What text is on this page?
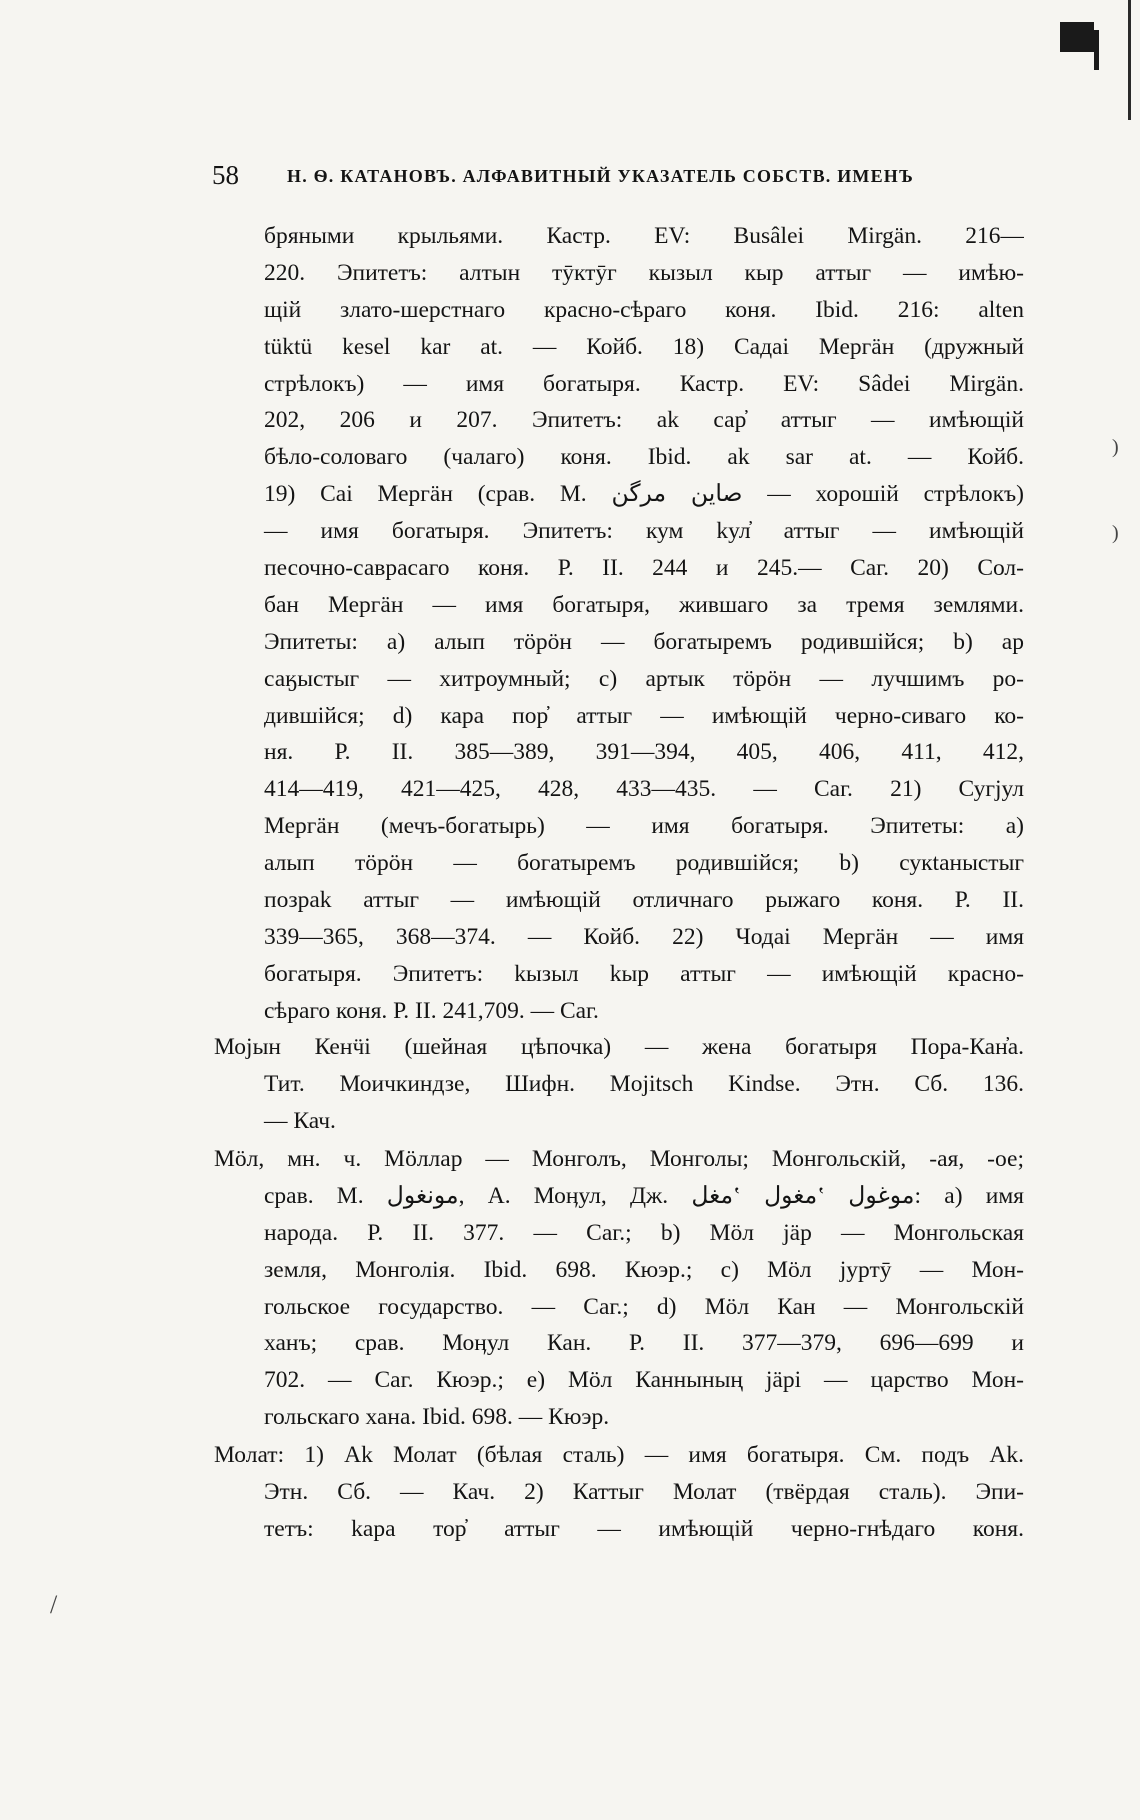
58	Н. Ѳ. КАТАНОВЪ. АЛФАВИТНЫЙ УКАЗАТЕЛЬ СОБСТВ. ИМЕНЪ
бряными крыльями. Кастр. EV: Busâlei Mirgän. 216—
220. Эпитетъ: алтын тӯктӯг кызыл кыр аттыг — имѣю-
щій злато-шерстнаго красно-сѣраго коня. Ibid. 216: alten
tüktü kesel kar at. — Койб. 18) Садаі Мергäн (дружный
стрѣлокъ) — имя богатыря. Кастр. EV: Sâdei Mirgän.
202, 206 и 207. Эпитетъ: ak сар̓ аттыг — имѣющій
бѣло-соловаго (чалаго) коня. Ibid. ak sar at. — Койб.
19) Саі Мергäн (срав. М. ﺻﺎﻳﻦ ﻣﺮﮔﻦ — хорошій стрѣлокъ)
— имя богатыря. Эпитетъ: кум kул̓ аттыг — имѣющій
песочно-саврасаго коня. Р. II. 244 и 245.— Саг. 20) Сол-
бан Мергäн — имя богатыря, жившаго за тремя землями.
Эпитеты: a) алып тӧрӧн — богатыремъ родившійся; b) ар
саӄыстыг — хитроумный; c) артык тӧрӧн — лучшимъ ро-
дившійся; d) кара пор̓ аттыг — имѣющій черно-сиваго ко-
ня. Р. II. 385—389, 391—394, 405, 406, 411, 412,
414—419, 421—425, 428, 433—435. — Саг. 21) Сугјул
Мергäн (мечъ-богатырь) — имя богатыря. Эпитеты: а)
алып тӧрӧн — богатыремъ родившійся; b) сукtаныстыг
позраk аттыг — имѣющій отличнаго рыжаго коня. Р. II.
339—365, 368—374. — Койб. 22) Чодаі Мергäн — имя
богатыря. Эпитетъ: kызыл kыр аттыг — имѣющій красно-
сѣраго коня. Р. II. 241,709. — Саг.
Мојын Кенӵі (шейная цѣпочка) — жена богатыря Пора-Кан̓а.
Тит. Моичкиндзе, Шифн. Mojitsch Kindse. Этн. Сб. 136.
— Кач.
Мӧл, мн. ч. Мӧллар — Монголъ, Монголы; Монгольскій, -ая, -ое;
срав. М. ﻣﻮﻧﻐﻮﻝ, А. Моӊул, Дж. ﻣﻮﻏﻮﻝ ‛ﻣﻐﻮﻝ ‛ﻣﻐﻞ: а) имя
народа. Р. II. 377. — Саг.; b) Мӧл јäр — Монгольская
земля, Монголія. Ibid. 698. Кюэр.; c) Мӧл јуртӯ — Мон-
гольское государство. — Саг.; d) Мӧл Кан — Монгольскій
ханъ; срав. Моӊул Кан. Р. II. 377—379, 696—699 и
702. — Саг. Кюэр.; e) Мӧл Каннының јäрі — царство Мон-
гольскаго хана. Ibid. 698. — Кюэр.
Молат: 1) Ak Молат (бѣлая сталь) — имя богатыря. См. подъ Ak.
Этн. Сб. — Кач. 2) Каттыг Молат (твёрдая сталь). Эпи-
тетъ: kара тор̓ аттыг — имѣющій черно-гнѣдаго коня.
)
)
/
